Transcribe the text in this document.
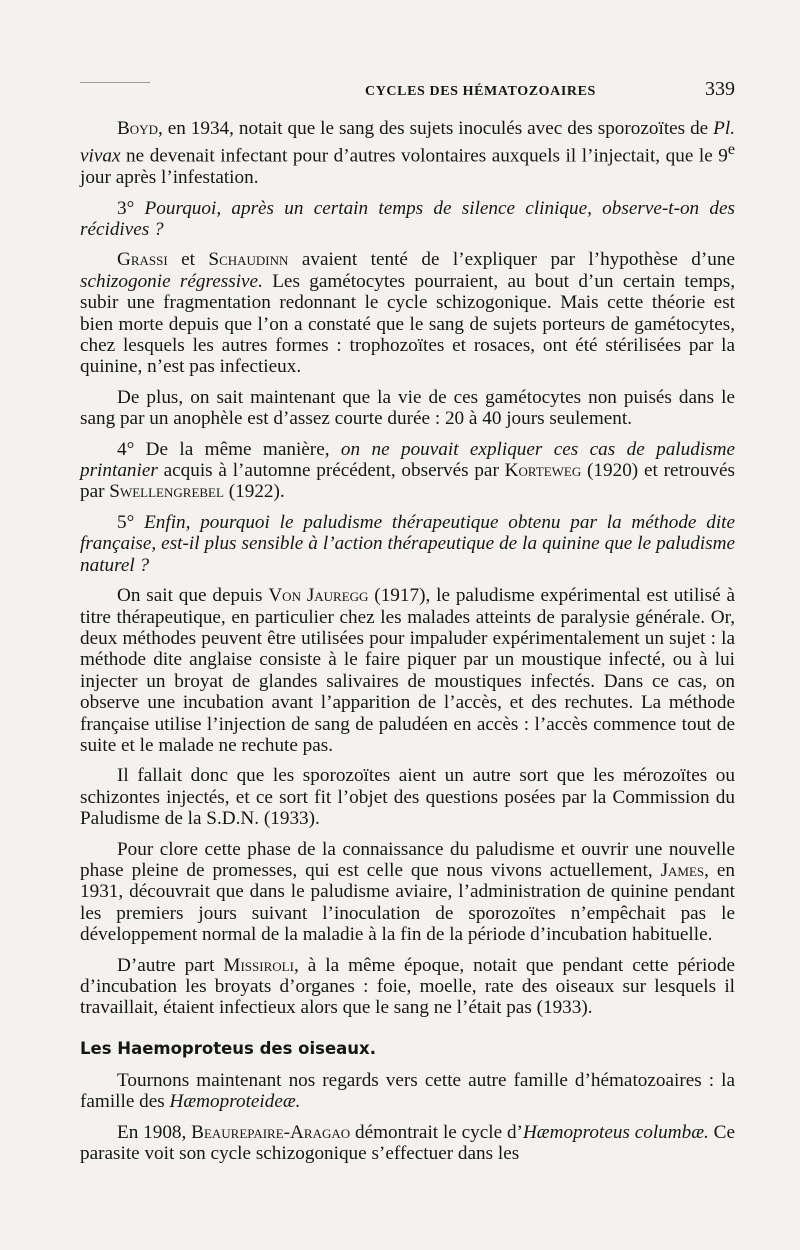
CYCLES DES HÉMATOZOAIRES	339

Boyd, en 1934, notait que le sang des sujets inoculés avec des sporozoïtes de Pl. vivax ne devenait infectant pour d’autres volontaires auxquels il l’injectait, que le 9e jour après l’infestation.

3° Pourquoi, après un certain temps de silence clinique, observe-t-on des récidives ?

Grassi et Schaudinn avaient tenté de l’expliquer par l’hypothèse d’une schizogonie régressive. Les gamétocytes pourraient, au bout d’un certain temps, subir une fragmentation redonnant le cycle schizogonique. Mais cette théorie est bien morte depuis que l’on a constaté que le sang de sujets porteurs de gamétocytes, chez lesquels les autres formes : trophozoïtes et rosaces, ont été stérilisées par la quinine, n’est pas infectieux.

De plus, on sait maintenant que la vie de ces gamétocytes non puisés dans le sang par un anophèle est d’assez courte durée : 20 à 40 jours seulement.

4° De la même manière, on ne pouvait expliquer ces cas de paludisme printanier acquis à l’automne précédent, observés par Korteweg (1920) et retrouvés par Swellengrebel (1922).

5° Enfin, pourquoi le paludisme thérapeutique obtenu par la méthode dite française, est-il plus sensible à l’action thérapeutique de la quinine que le paludisme naturel ?

On sait que depuis Von Jauregg (1917), le paludisme expérimental est utilisé à titre thérapeutique, en particulier chez les malades atteints de paralysie générale. Or, deux méthodes peuvent être utilisées pour impaluder expérimentalement un sujet : la méthode dite anglaise consiste à le faire piquer par un moustique infecté, ou à lui injecter un broyat de glandes salivaires de moustiques infectés. Dans ce cas, on observe une incubation avant l’apparition de l’accès, et des rechutes. La méthode française utilise l’injection de sang de paludéen en accès : l’accès commence tout de suite et le malade ne rechute pas.

Il fallait donc que les sporozoïtes aient un autre sort que les mérozoïtes ou schizontes injectés, et ce sort fit l’objet des questions posées par la Commission du Paludisme de la S.D.N. (1933).

Pour clore cette phase de la connaissance du paludisme et ouvrir une nouvelle phase pleine de promesses, qui est celle que nous vivons actuellement, James, en 1931, découvrait que dans le paludisme aviaire, l’administration de quinine pendant les premiers jours suivant l’inoculation de sporozoïtes n’empêchait pas le développement normal de la maladie à la fin de la période d’incubation habituelle.

D’autre part Missiroli, à la même époque, notait que pendant cette période d’incubation les broyats d’organes : foie, moelle, rate des oiseaux sur lesquels il travaillait, étaient infectieux alors que le sang ne l’était pas (1933).

Les Haemoproteus des oiseaux.

Tournons maintenant nos regards vers cette autre famille d’hématozoaires : la famille des Hæmoproteideæ.

En 1908, Beaurepaire-Aragao démontrait le cycle d’Hæmoproteus columbæ. Ce parasite voit son cycle schizogonique s’effectuer dans les
